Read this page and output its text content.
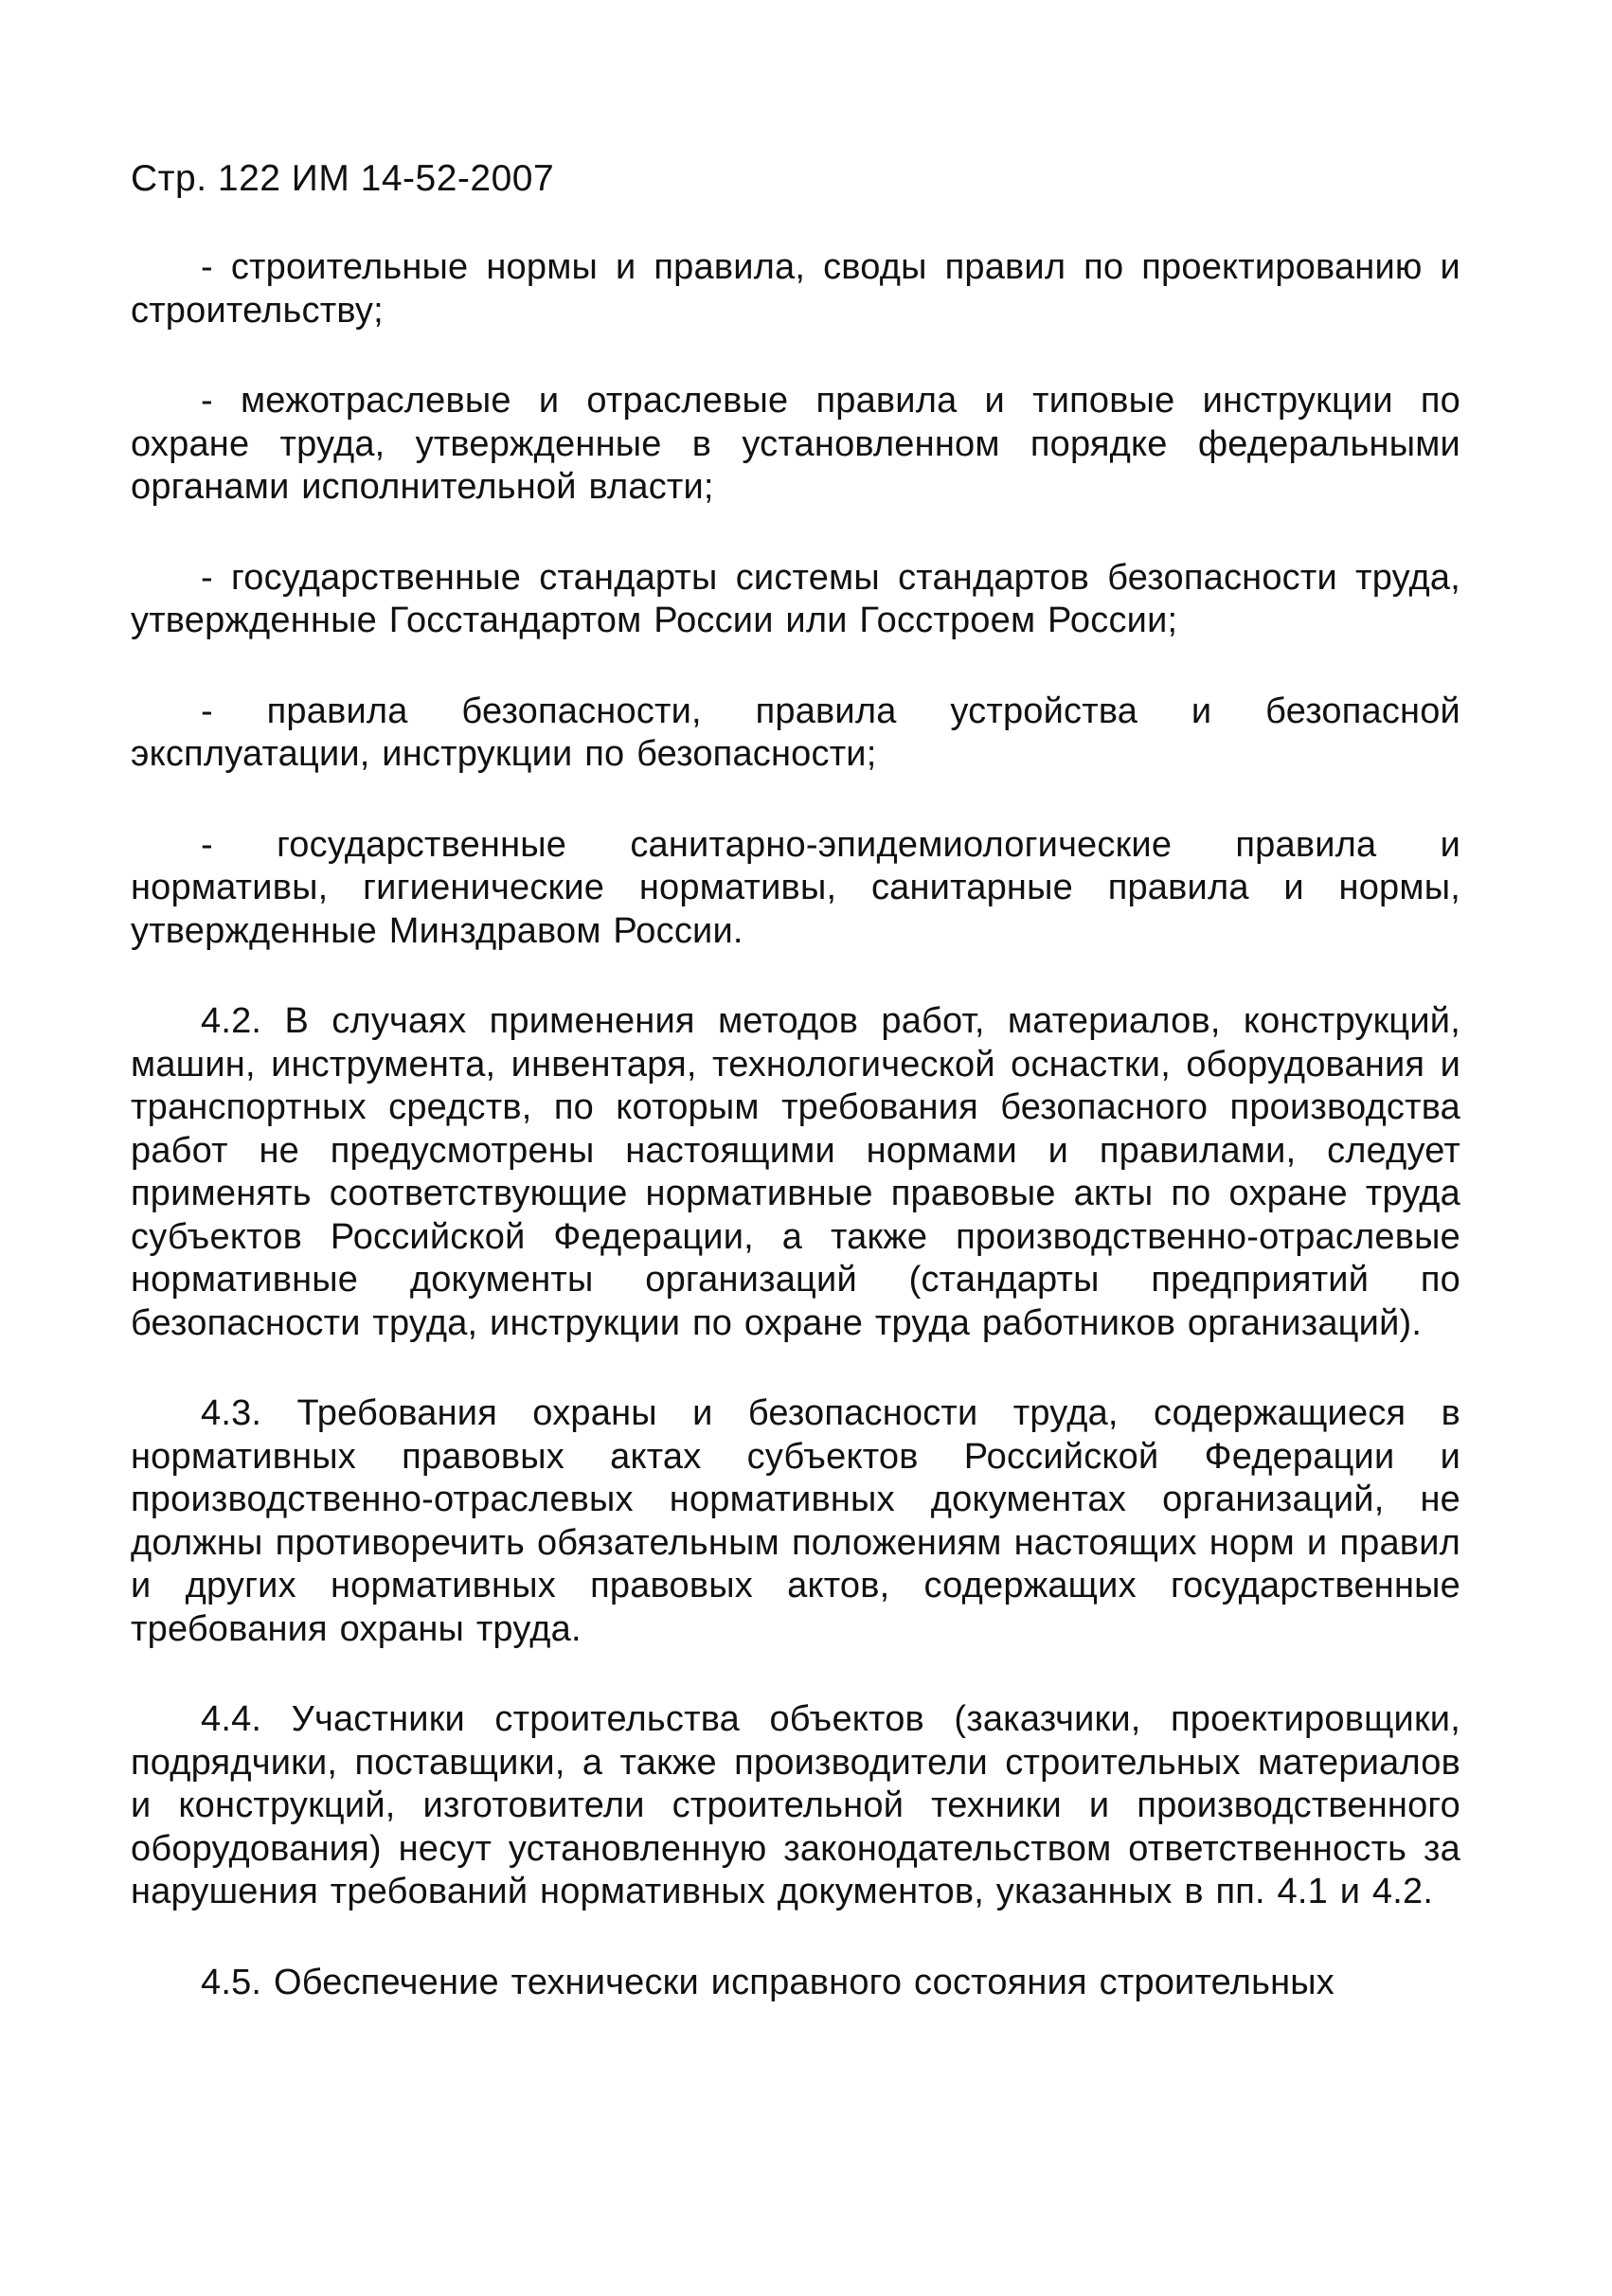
Стр. 122 ИМ 14-52-2007

- строительные нормы и правила, своды правил по проектированию и строительству;

- межотраслевые и отраслевые правила и типовые инструкции по охране труда, утвержденные в установленном порядке федеральными органами исполнительной власти;

- государственные стандарты системы стандартов безопасности труда, утвержденные Госстандартом России или Госстроем России;

- правила безопасности, правила устройства и безопасной эксплуатации, инструкции по безопасности;

- государственные санитарно-эпидемиологические правила и нормативы, гигиенические нормативы, санитарные правила и нормы, утвержденные Минздравом России.

4.2. В случаях применения методов работ, материалов, конструкций, машин, инструмента, инвентаря, технологической оснастки, оборудования и транспортных средств, по которым требования безопасного производства работ не предусмотрены настоящими нормами и правилами, следует применять соответствующие нормативные правовые акты по охране труда субъектов Российской Федерации, а также производственно-отраслевые нормативные документы организаций (стандарты предприятий по безопасности труда, инструкции по охране труда работников организаций).

4.3. Требования охраны и безопасности труда, содержащиеся в нормативных правовых актах субъектов Российской Федерации и производственно-отраслевых нормативных документах организаций, не должны противоречить обязательным положениям настоящих норм и правил и других нормативных правовых актов, содержащих государственные требования охраны труда.

4.4. Участники строительства объектов (заказчики, проектировщики, подрядчики, поставщики, а также производители строительных материалов и конструкций, изготовители строительной техники и производственного оборудования) несут установленную законодательством ответственность за нарушения требований нормативных документов, указанных в пп. 4.1 и 4.2.

4.5. Обеспечение технически исправного состояния строительных
